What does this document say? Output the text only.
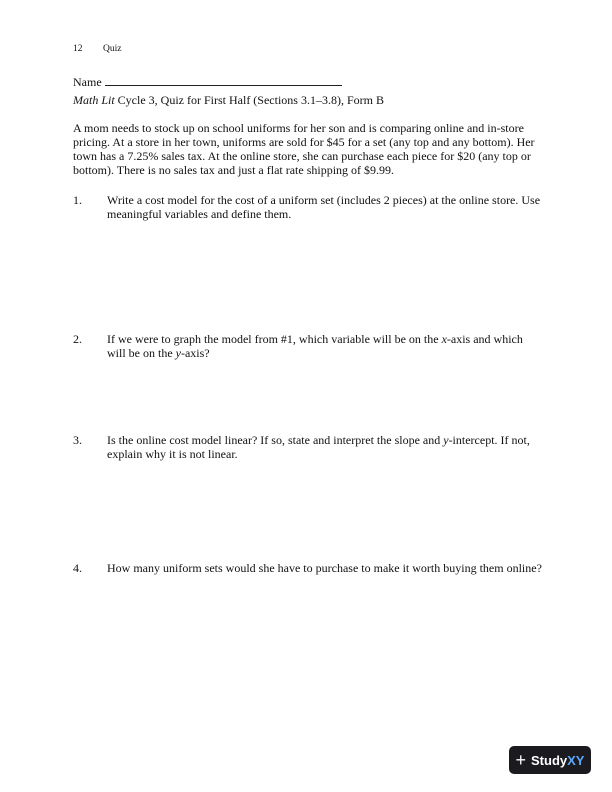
12 Quiz
Name
Math Lit Cycle 3, Quiz for First Half (Sections 3.1–3.8), Form B
A mom needs to stock up on school uniforms for her son and is comparing online and in-store pricing. At a store in her town, uniforms are sold for $45 for a set (any top and any bottom). Her town has a 7.25% sales tax. At the online store, she can purchase each piece for $20 (any top or bottom). There is no sales tax and just a flat rate shipping of $9.99.
1. Write a cost model for the cost of a uniform set (includes 2 pieces) at the online store. Use meaningful variables and define them.
2. If we were to graph the model from #1, which variable will be on the x-axis and which will be on the y-axis?
3. Is the online cost model linear? If so, state and interpret the slope and y-intercept. If not, explain why it is not linear.
4. How many uniform sets would she have to purchase to make it worth buying them online?
+ Study XY
